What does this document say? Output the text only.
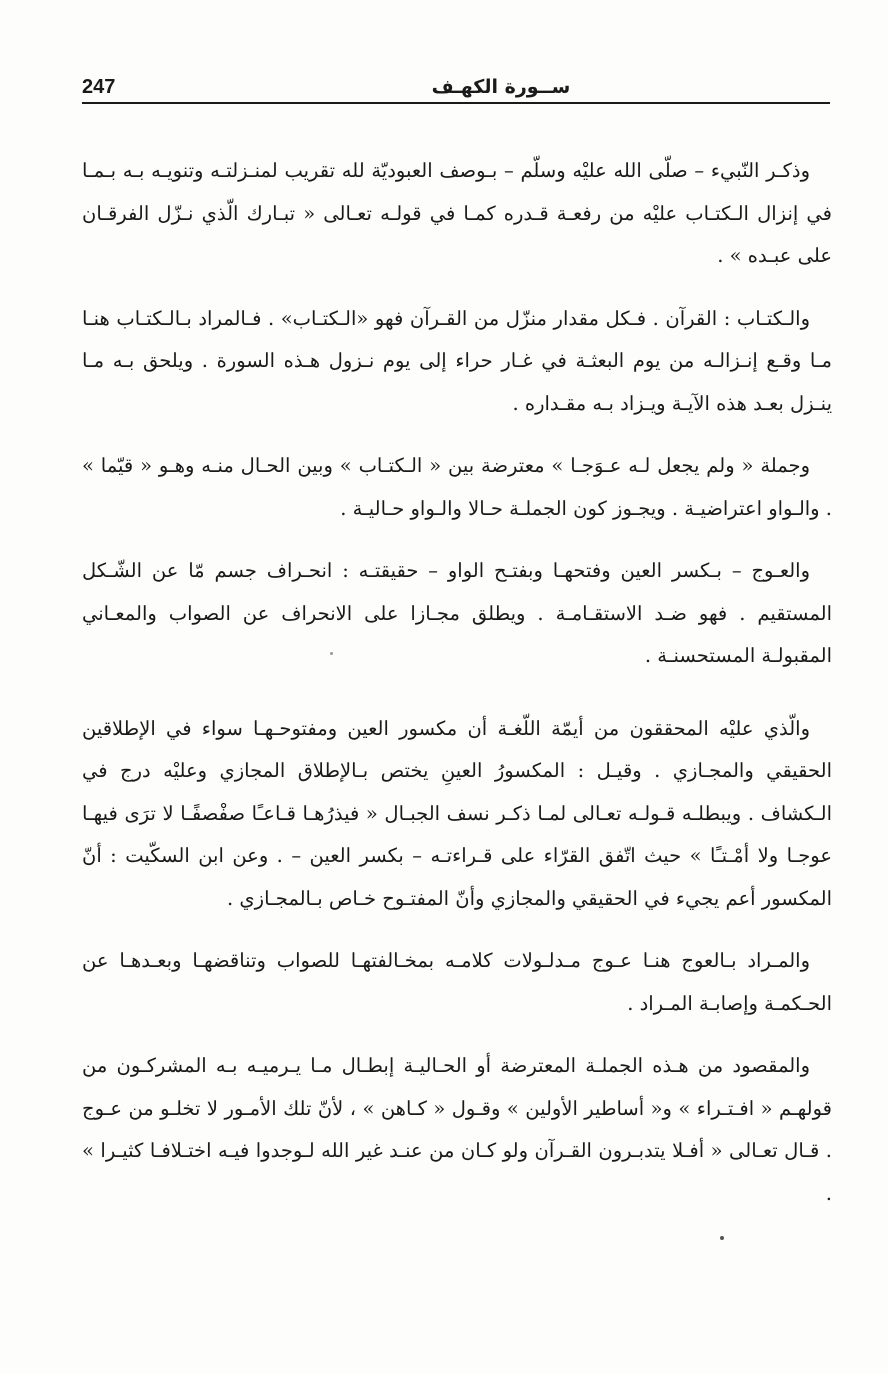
247	ســورة الكهـف

وذكـر النّبيء – صلّى الله عليْه وسلّم – بـوصف العبوديّة لله تقريب لمنـزلتـه وتنويـه بـه بـمـا في إنزال الـكتـاب عليْه من رفعـة قـدره كمـا في قولـه تعـالى « تبـارك الّذي نـزّل الفرقـان على عبـده » .

والـكتـاب : القرآن . فـكل مقدار منزّل من القـرآن فهو «الـكتـاب» . فـالمراد بـالـكتـاب هنـا مـا وقـع إنـزالـه من يوم البعثـة في غـار حراء إلى يوم نـزول هـذه السورة . ويلحق بـه مـا ينـزل بعـد هذه الآيـة ويـزاد بـه مقـداره .

وجملة « ولم يجعل لـه عـوَجـا » معترضة بين « الـكتـاب » وبين الحـال منـه وهـو « قيّما » . والـواو اعتراضيـة . ويجـوز كون الجملـة حـالا والـواو حـاليـة .

والعـوج – بـكسر العين وفتحهـا وبفتـح الواو – حقيقتـه : انحـراف جسم مّا عن الشّـكل المستقيم . فهو ضـد الاستقـامـة . ويطلق مجـازا على الانحراف عن الصواب والمعـاني المقبولـة المستحسنـة .

والّذي عليْه المحققون من أيمّة اللّغـة أن مكسور العين ومفتوحـهـا سواء في الإطلاقين الحقيقي والمجـازي . وقيـل : المكسورُ العينِ يختص بـالإطلاق المجازي وعليْه درج في الـكشاف . ويبطلـه قـولـه تعـالى لمـا ذكـر نسف الجبـال « فيذرُهـا قـاعـًا صفْصفًـا لا ترَى فيهـا عوجـا ولا أمْـتـًا » حيث اتّفق القرّاء على قـراءتـه – بكسر العين – . وعن ابن السكّيت : أنّ المكسور أعم يجيء في الحقيقي والمجازي وأنّ المفتـوح خـاص بـالمجـازي .

والمـراد بـالعوج هنـا عـوج مـدلـولات كلامـه بمخـالفتهـا للصواب وتناقضهـا وبعـدهـا عن الحـكمـة وإصابـة المـراد .

والمقصود من هـذه الجملـة المعترضة أو الحـاليـة إبطـال مـا يـرميـه بـه المشركـون من قولهـم « افـتـراء » و« أساطير الأولين » وقـول « كـاهن » ، لأنّ تلك الأمـور لا تخلـو من عـوج . قـال تعـالى « أفـلا يتدبـرون القـرآن ولو كـان من عنـد غير الله لـوجدوا فيـه اختـلافـا كثيـرا » .
